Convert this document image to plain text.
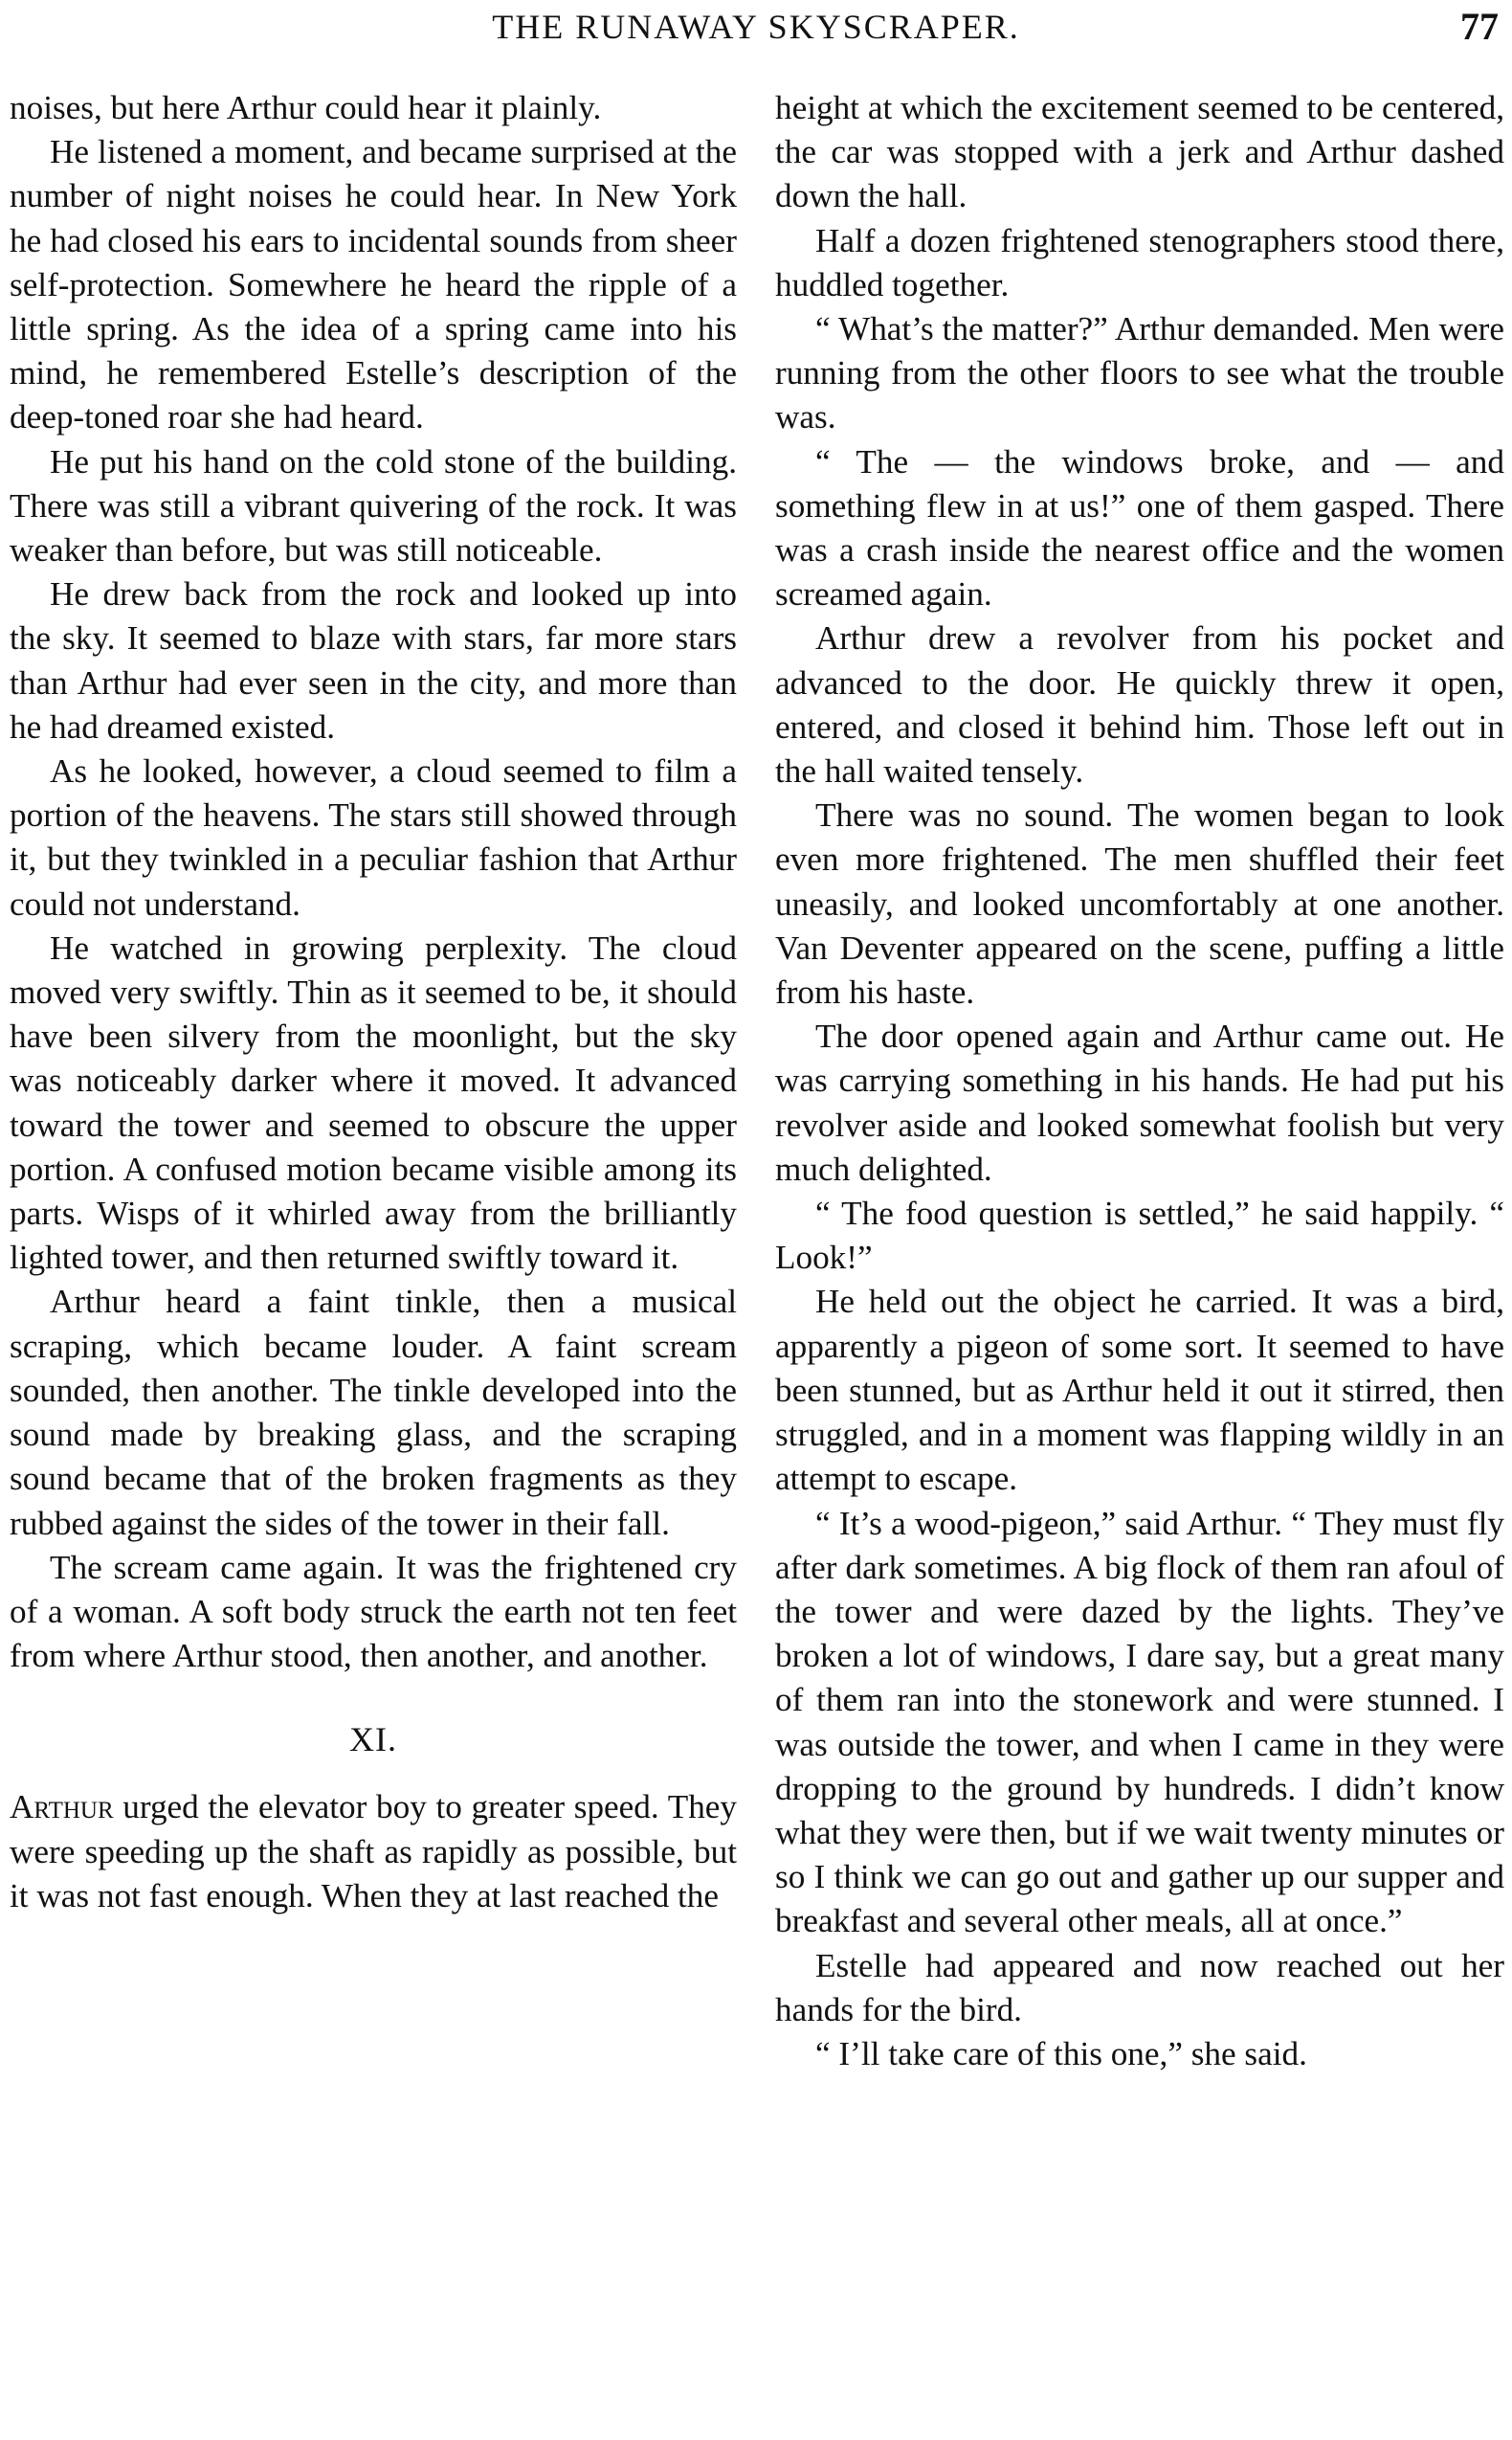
THE RUNAWAY SKYSCRAPER.	77

noises, but here Arthur could hear it plainly.

He listened a moment, and became surprised at the number of night noises he could hear. In New York he had closed his ears to incidental sounds from sheer self-protection. Somewhere he heard the ripple of a little spring. As the idea of a spring came into his mind, he remembered Estelle’s description of the deep-toned roar she had heard.

He put his hand on the cold stone of the building. There was still a vibrant quivering of the rock. It was weaker than before, but was still noticeable.

He drew back from the rock and looked up into the sky. It seemed to blaze with stars, far more stars than Arthur had ever seen in the city, and more than he had dreamed existed.

As he looked, however, a cloud seemed to film a portion of the heavens. The stars still showed through it, but they twinkled in a peculiar fashion that Arthur could not understand.

He watched in growing perplexity. The cloud moved very swiftly. Thin as it seemed to be, it should have been silvery from the moonlight, but the sky was noticeably darker where it moved. It advanced toward the tower and seemed to obscure the upper portion. A confused motion became visible among its parts. Wisps of it whirled away from the brilliantly lighted tower, and then returned swiftly toward it.

Arthur heard a faint tinkle, then a musical scraping, which became louder. A faint scream sounded, then another. The tinkle developed into the sound made by breaking glass, and the scraping sound became that of the broken fragments as they rubbed against the sides of the tower in their fall.

The scream came again. It was the frightened cry of a woman. A soft body struck the earth not ten feet from where Arthur stood, then another, and another.

XI.

Arthur urged the elevator boy to greater speed. They were speeding up the shaft as rapidly as possible, but it was not fast enough. When they at last reached the

height at which the excitement seemed to be centered, the car was stopped with a jerk and Arthur dashed down the hall.

Half a dozen frightened stenographers stood there, huddled together.

“ What’s the matter?” Arthur demanded. Men were running from the other floors to see what the trouble was.

“ The — the windows broke, and — and something flew in at us!” one of them gasped. There was a crash inside the nearest office and the women screamed again.

Arthur drew a revolver from his pocket and advanced to the door. He quickly threw it open, entered, and closed it behind him. Those left out in the hall waited tensely.

There was no sound. The women began to look even more frightened. The men shuffled their feet uneasily, and looked uncomfortably at one another. Van Deventer appeared on the scene, puffing a little from his haste.

The door opened again and Arthur came out. He was carrying something in his hands. He had put his revolver aside and looked somewhat foolish but very much delighted.

“ The food question is settled,” he said happily. “ Look!”

He held out the object he carried. It was a bird, apparently a pigeon of some sort. It seemed to have been stunned, but as Arthur held it out it stirred, then struggled, and in a moment was flapping wildly in an attempt to escape.

“ It’s a wood-pigeon,” said Arthur. “ They must fly after dark sometimes. A big flock of them ran afoul of the tower and were dazed by the lights. They’ve broken a lot of windows, I dare say, but a great many of them ran into the stonework and were stunned. I was outside the tower, and when I came in they were dropping to the ground by hundreds. I didn’t know what they were then, but if we wait twenty minutes or so I think we can go out and gather up our supper and breakfast and several other meals, all at once.”

Estelle had appeared and now reached out her hands for the bird.

“ I’ll take care of this one,” she said.
